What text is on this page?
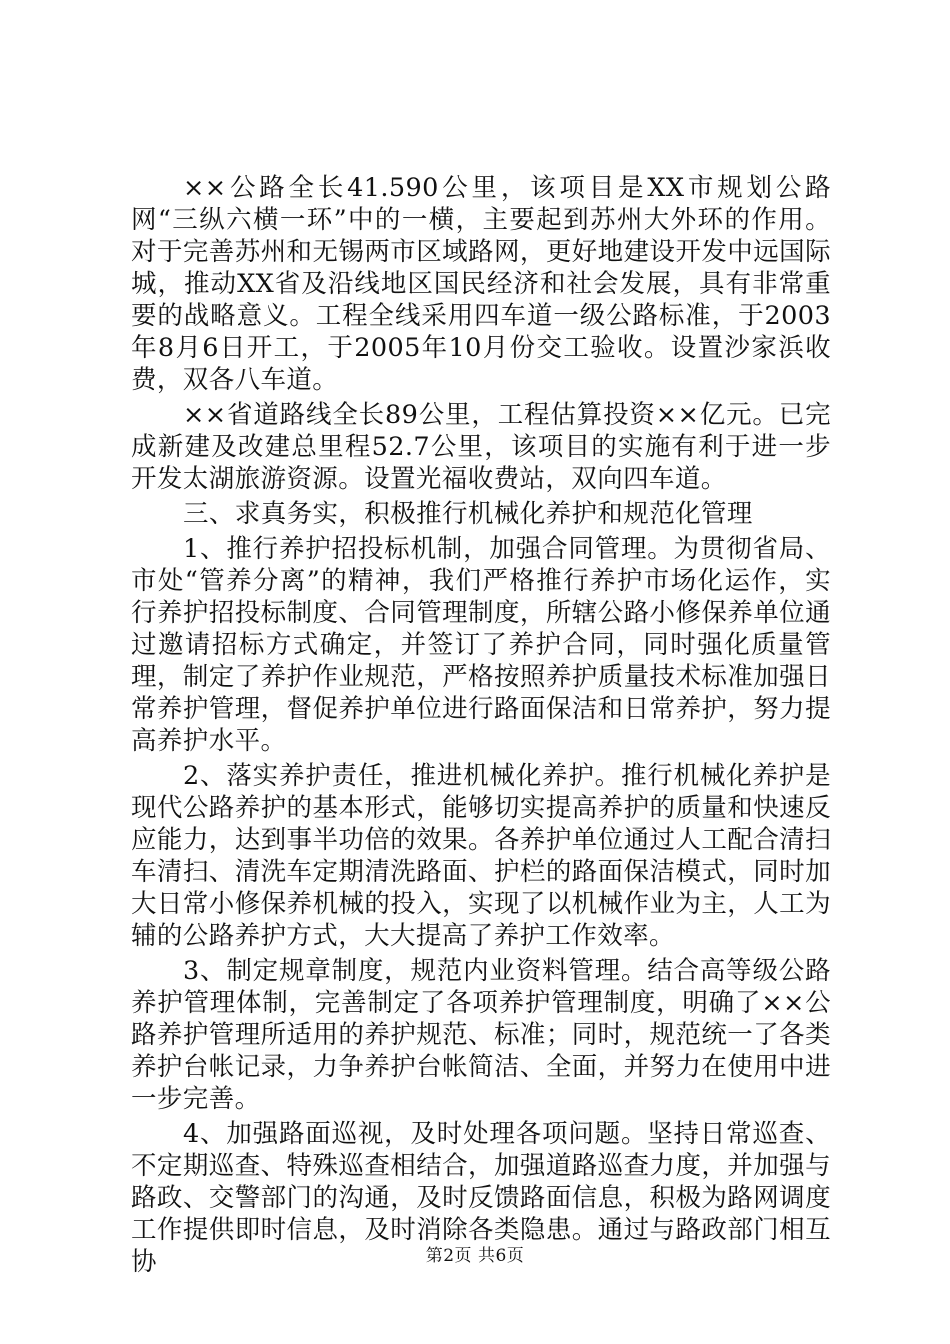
××公路全长41.590公里，该项目是XX市规划公路网“三纵六横一环”中的一横，主要起到苏州大外环的作用。对于完善苏州和无锡两市区域路网，更好地建设开发中远国际城，推动XX省及沿线地区国民经济和社会发展，具有非常重要的战略意义。工程全线采用四车道一级公路标准，于2003年8月6日开工，于2005年10月份交工验收。设置沙家浜收费，双各八车道。

××省道路线全长89公里，工程估算投资××亿元。已完成新建及改建总里程52.7公里，该项目的实施有利于进一步开发太湖旅游资源。设置光福收费站，双向四车道。

三、求真务实，积极推行机械化养护和规范化管理

1、推行养护招投标机制，加强合同管理。为贯彻省局、市处“管养分离”的精神，我们严格推行养护市场化运作，实行养护招投标制度、合同管理制度，所辖公路小修保养单位通过邀请招标方式确定，并签订了养护合同，同时强化质量管理，制定了养护作业规范，严格按照养护质量技术标准加强日常养护管理，督促养护单位进行路面保洁和日常养护，努力提高养护水平。

2、落实养护责任，推进机械化养护。推行机械化养护是现代公路养护的基本形式，能够切实提高养护的质量和快速反应能力，达到事半功倍的效果。各养护单位通过人工配合清扫车清扫、清洗车定期清洗路面、护栏的路面保洁模式，同时加大日常小修保养机械的投入，实现了以机械作业为主，人工为辅的公路养护方式，大大提高了养护工作效率。

3、制定规章制度，规范内业资料管理。结合高等级公路养护管理体制，完善制定了各项养护管理制度，明确了××公路养护管理所适用的养护规范、标准；同时，规范统一了各类养护台帐记录，力争养护台帐简洁、全面，并努力在使用中进一步完善。

4、加强路面巡视，及时处理各项问题。坚持日常巡查、不定期巡查、特殊巡查相结合，加强道路巡查力度，并加强与路政、交警部门的沟通，及时反馈路面信息，积极为路网调度工作提供即时信息，及时消除各类隐患。通过与路政部门相互协	第2页 共6页
